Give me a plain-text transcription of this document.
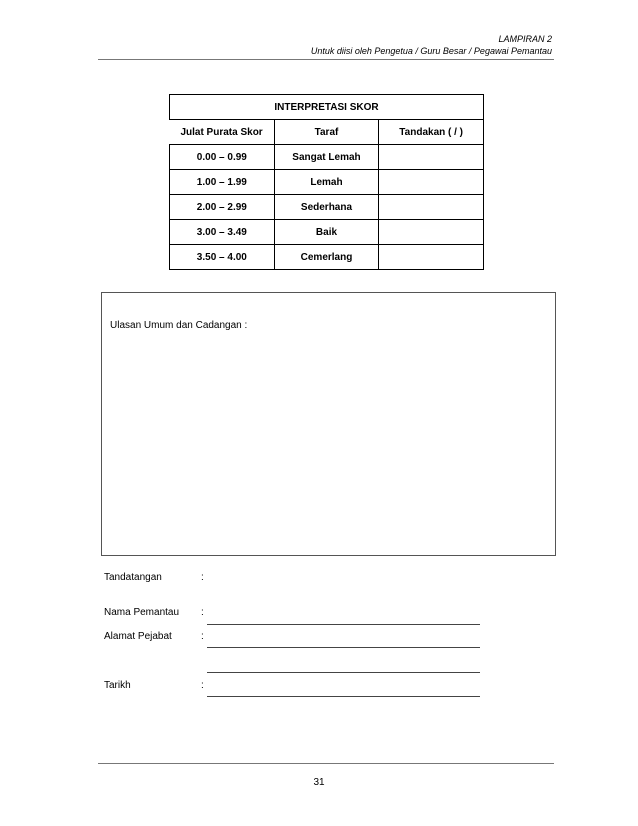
LAMPIRAN 2
Untuk diisi oleh Pengetua / Guru Besar / Pegawai Pemantau
INTERPRETASI SKOR		
Julat Purata Skor	Taraf	Tandakan ( / )
0.00 – 0.99	Sangat Lemah	
1.00 – 1.99	Lemah	
2.00 – 2.99	Sederhana	
3.00 – 3.49	Baik	
3.50 – 4.00	Cemerlang	
Ulasan Umum dan Cadangan :
Tandatangan	:
Nama Pemantau :
Alamat Pejabat	:
Tarikh	:
31
